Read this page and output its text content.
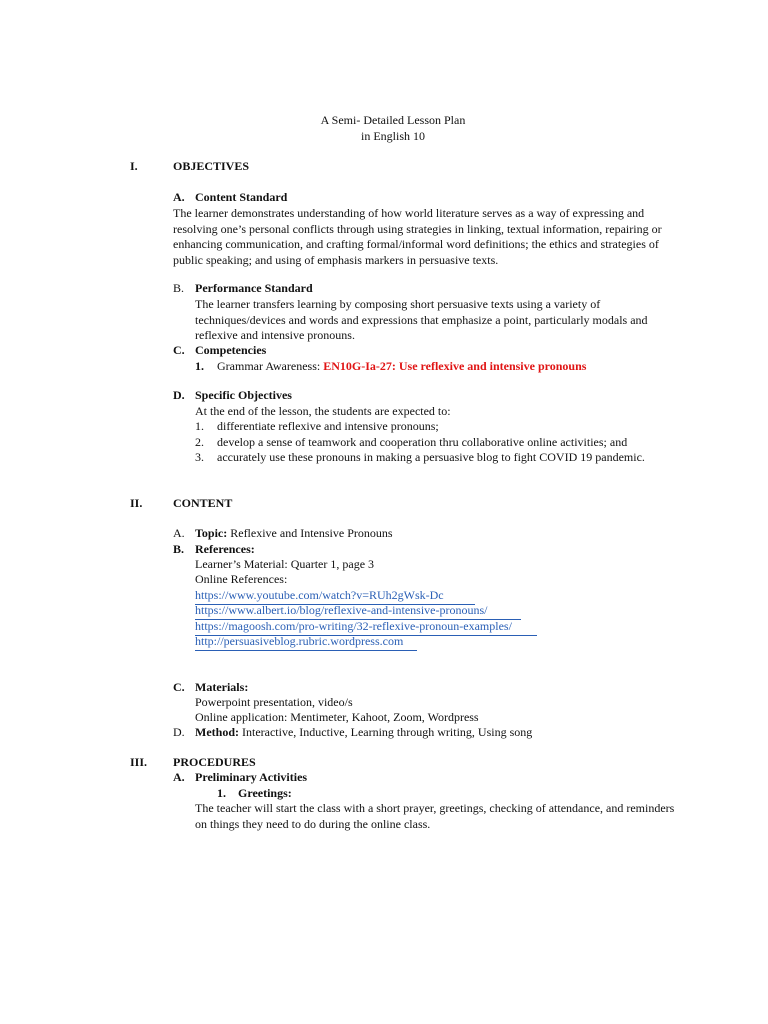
A Semi- Detailed Lesson Plan
in English 10
I.	OBJECTIVES
A. Content Standard
The learner demonstrates understanding of how world literature serves as a way of expressing and resolving one’s personal conflicts through using strategies in linking, textual information, repairing or enhancing communication, and crafting formal/informal word definitions; the ethics and strategies of public speaking; and using of emphasis markers in persuasive texts.
B. Performance Standard
The learner transfers learning by composing short persuasive texts using a variety of techniques/devices and words and expressions that emphasize a point, particularly modals and reflexive and intensive pronouns.
C. Competencies
1. Grammar Awareness: EN10G-Ia-27: Use reflexive and intensive pronouns
D. Specific Objectives
At the end of the lesson, the students are expected to:
1. differentiate reflexive and intensive pronouns;
2. develop a sense of teamwork and cooperation thru collaborative online activities; and
3. accurately use these pronouns in making a persuasive blog to fight COVID 19 pandemic.
II.	CONTENT
A. Topic: Reflexive and Intensive Pronouns
B. References:
Learner’s Material: Quarter 1, page 3
Online References:
https://www.youtube.com/watch?v=RUh2gWsk-Dc
https://www.albert.io/blog/reflexive-and-intensive-pronouns/
https://magoosh.com/pro-writing/32-reflexive-pronoun-examples/
http://persuasiveblog.rubric.wordpress.com
C. Materials:
Powerpoint presentation, video/s
Online application: Mentimeter, Kahoot, Zoom, Wordpress
D. Method: Interactive, Inductive, Learning through writing, Using song
III. PROCEDURES
A. Preliminary Activities
1. Greetings:
The teacher will start the class with a short prayer, greetings, checking of attendance, and reminders on things they need to do during the online class.
